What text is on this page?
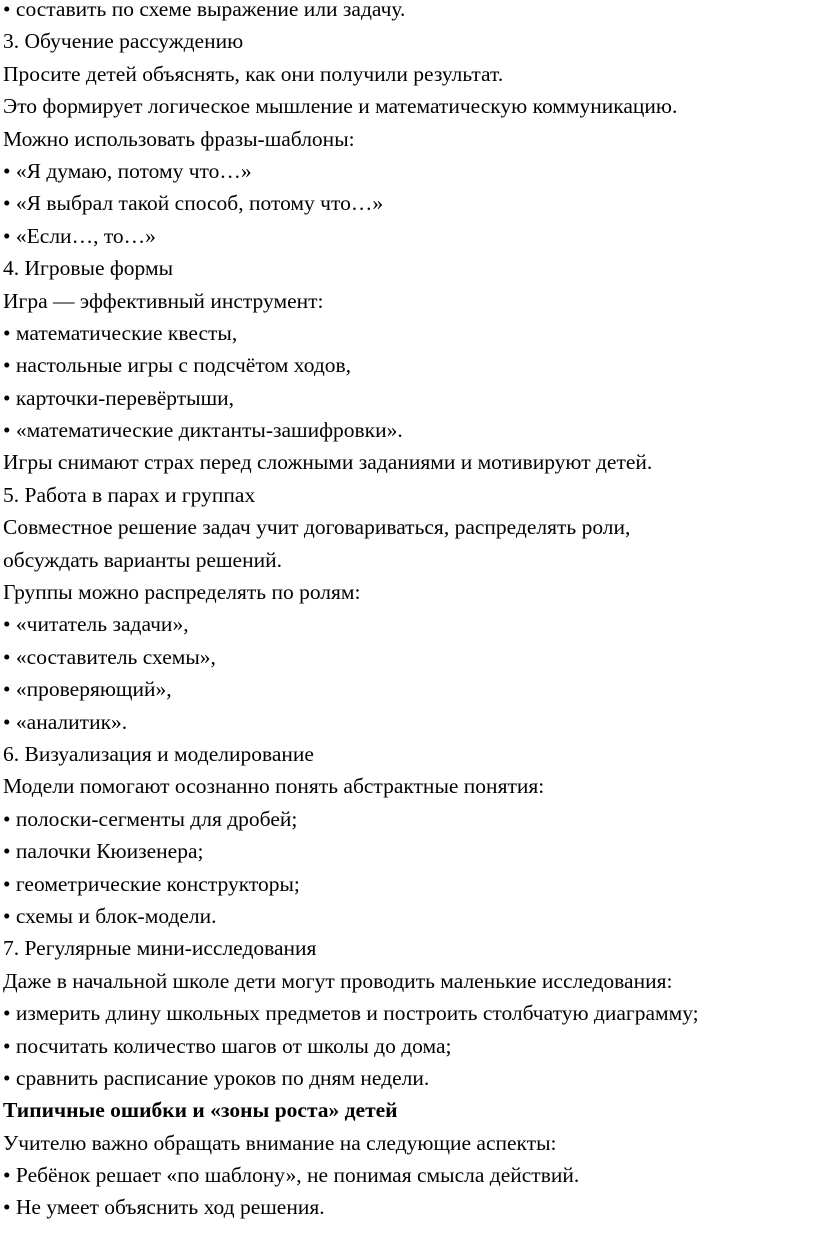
• составить по схеме выражение или задачу.
3. Обучение рассуждению
Просите детей объяснять, как они получили результат.
Это формирует логическое мышление и математическую коммуникацию.
Можно использовать фразы-шаблоны:
• «Я думаю, потому что…»
• «Я выбрал такой способ, потому что…»
• «Если…, то…»
4. Игровые формы
Игра — эффективный инструмент:
• математические квесты,
• настольные игры с подсчётом ходов,
• карточки-перевёртыши,
• «математические диктанты-зашифровки».
Игры снимают страх перед сложными заданиями и мотивируют детей.
5. Работа в парах и группах
Совместное решение задач учит договариваться, распределять роли,
обсуждать варианты решений.
Группы можно распределять по ролям:
• «читатель задачи»,
• «составитель схемы»,
• «проверяющий»,
• «аналитик».
6. Визуализация и моделирование
Модели помогают осознанно понять абстрактные понятия:
• полоски-сегменты для дробей;
• палочки Кюизенера;
• геометрические конструкторы;
• схемы и блок-модели.
7. Регулярные мини-исследования
Даже в начальной школе дети могут проводить маленькие исследования:
• измерить длину школьных предметов и построить столбчатую диаграмму;
• посчитать количество шагов от школы до дома;
• сравнить расписание уроков по дням недели.
Типичные ошибки и «зоны роста» детей
Учителю важно обращать внимание на следующие аспекты:
• Ребёнок решает «по шаблону», не понимая смысла действий.
• Не умеет объяснить ход решения.
